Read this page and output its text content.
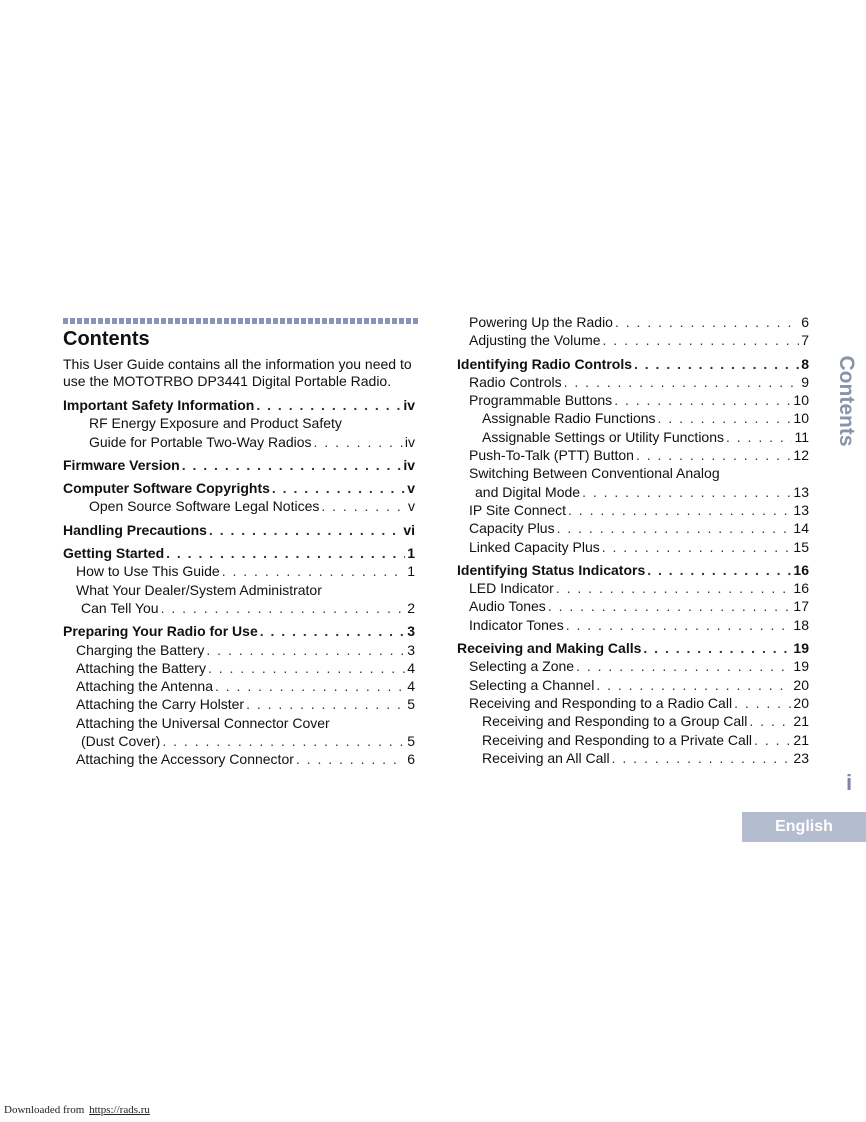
Contents
This User Guide contains all the information you need to use the MOTOTRBO DP3441 Digital Portable Radio.
Important Safety Information . . .	iv
RF Energy Exposure and Product Safety
Guide for Portable Two-Way Radios . . .	iv
Firmware Version . . .	iv
Computer Software Copyrights . . .	v
Open Source Software Legal Notices . . .	v
Handling Precautions . . .	vi
Getting Started . . .	1
How to Use This Guide . . .	1
What Your Dealer/System Administrator
Can Tell You . . .	2
Preparing Your Radio for Use . . .	3
Charging the Battery . . .	3
Attaching the Battery . . .	4
Attaching the Antenna . . .	4
Attaching the Carry Holster . . .	5
Attaching the Universal Connector Cover
(Dust Cover) . . .	5
Attaching the Accessory Connector . . .	6
Powering Up the Radio . . .	6
Adjusting the Volume . . .	7
Identifying Radio Controls . . .	8
Radio Controls . . .	9
Programmable Buttons . . .	10
Assignable Radio Functions . . .	10
Assignable Settings or Utility Functions . . .	11
Push-To-Talk (PTT) Button . . .	12
Switching Between Conventional Analog
and Digital Mode . . .	13
IP Site Connect . . .	13
Capacity Plus . . .	14
Linked Capacity Plus . . .	15
Identifying Status Indicators . . .	16
LED Indicator . . .	16
Audio Tones . . .	17
Indicator Tones . . .	18
Receiving and Making Calls . . .	19
Selecting a Zone . . .	19
Selecting a Channel . . .	20
Receiving and Responding to a Radio Call . . .	20
Receiving and Responding to a Group Call . . .	21
Receiving and Responding to a Private Call . . .	21
Receiving an All Call . . .	23
Contents
i
English
Downloaded from https://rads.ru
